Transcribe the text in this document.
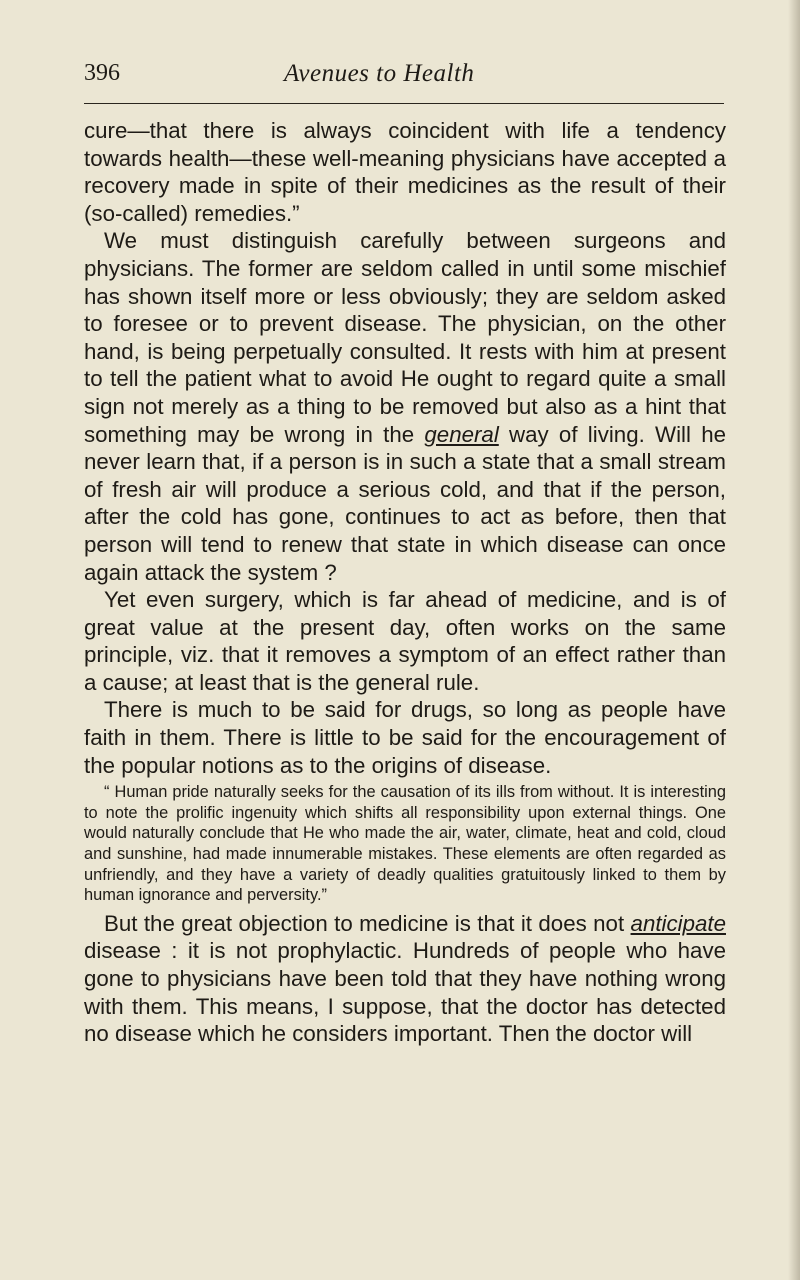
396	Avenues to Health

cure—that there is always coincident with life a tendency towards health—these well-meaning physicians have accepted a recovery made in spite of their medicines as the result of their (so-called) remedies.”

We must distinguish carefully between surgeons and physicians. The former are seldom called in until some mischief has shown itself more or less obviously; they are seldom asked to foresee or to prevent disease. The physician, on the other hand, is being perpetually consulted. It rests with him at present to tell the patient what to avoid He ought to regard quite a small sign not merely as a thing to be removed but also as a hint that something may be wrong in the general way of living. Will he never learn that, if a person is in such a state that a small stream of fresh air will produce a serious cold, and that if the person, after the cold has gone, continues to act as before, then that person will tend to renew that state in which disease can once again attack the system ?

Yet even surgery, which is far ahead of medicine, and is of great value at the present day, often works on the same principle, viz. that it removes a symptom of an effect rather than a cause; at least that is the general rule.

There is much to be said for drugs, so long as people have faith in them. There is little to be said for the encouragement of the popular notions as to the origins of disease.

“ Human pride naturally seeks for the causation of its ills from without. It is interesting to note the prolific ingenuity which shifts all responsibility upon external things. One would naturally conclude that He who made the air, water, climate, heat and cold, cloud and sunshine, had made innumerable mistakes. These elements are often regarded as unfriendly, and they have a variety of deadly qualities gratuitously linked to them by human ignorance and perversity.”

But the great objection to medicine is that it does not anticipate disease : it is not prophylactic. Hundreds of people who have gone to physicians have been told that they have nothing wrong with them. This means, I suppose, that the doctor has detected no disease which he considers important. Then the doctor will
